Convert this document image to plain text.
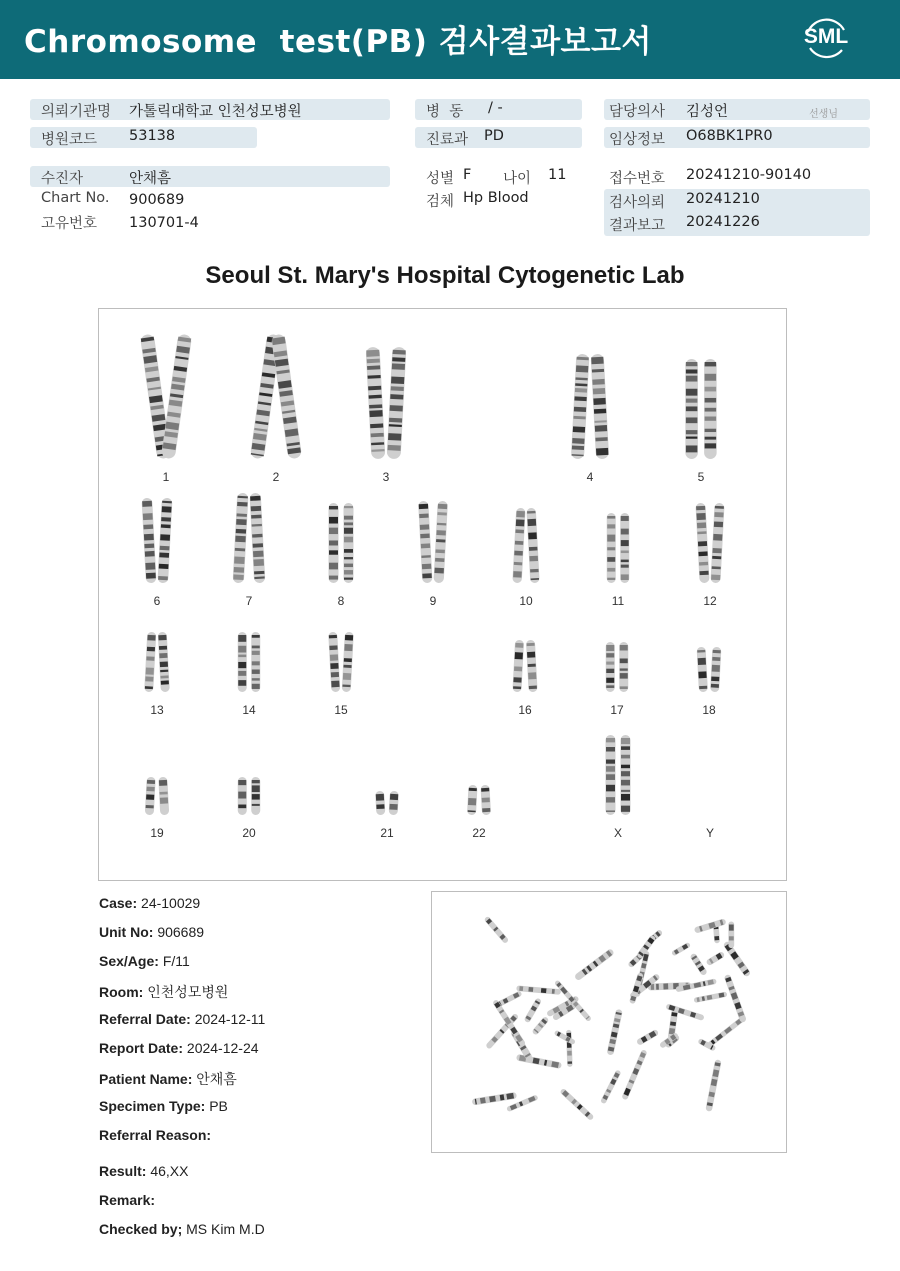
Chromosome  test(PB) 검사결과보고서	SML
의뢰기관명 가톨릭대학교 인천성모병원
병원코드 53138
병  동 / -
진료과 PD
담당의사 김성언	선생님
임상정보 O68BK1PR0
수진자	안채흠
Chart No. 900689
고유번호 130701-4
성별 F 나이 11
검체 Hp Blood
접수번호 20241210-90140
검사의뢰 20241210
결과보고 20241226
Seoul St. Mary's Hospital Cytogenetic Lab
1	2	3	4	5
6	7	8	9	10	11	12
13	14	15	16	17	18
19	20	21	22	X	Y
Case: 24-10029
Unit No: 906689
Sex/Age: F/11
Room: 인천성모병원
Referral Date: 2024-12-11
Report Date: 2024-12-24
Patient Name: 안채흠
Specimen Type: PB
Referral Reason:
Result: 46,XX
Remark:
Checked by; MS Kim M.D
